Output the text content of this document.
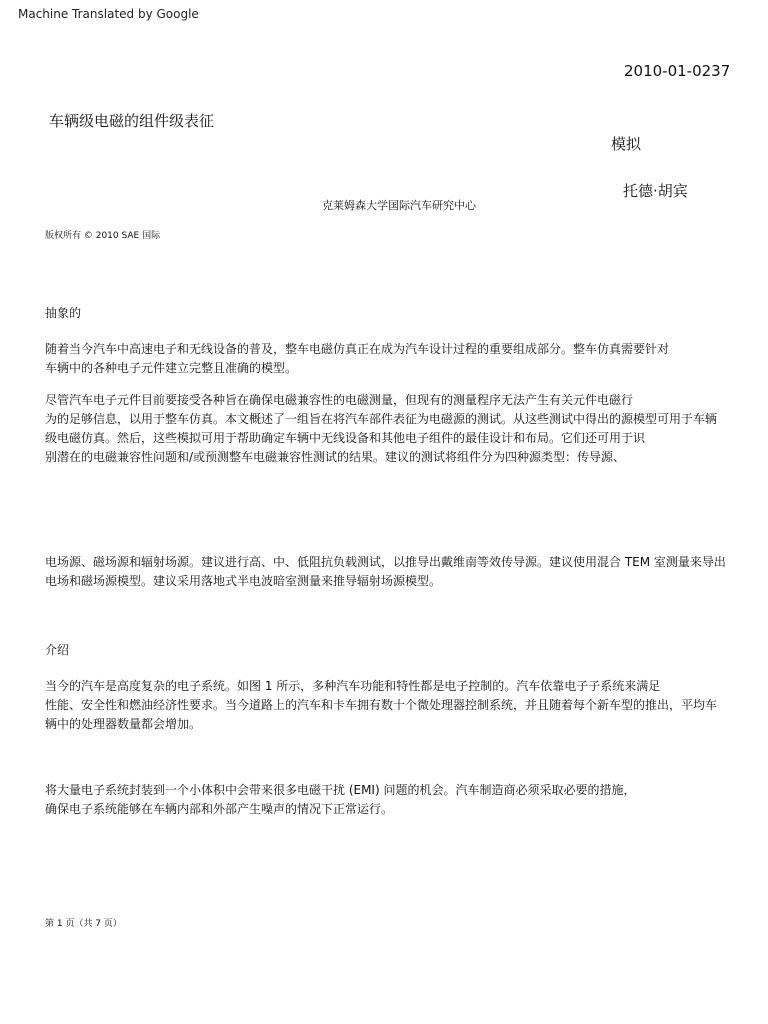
Machine Translated by Google
2010-01-0237
车辆级电磁的组件级表征
模拟
托德·胡宾
克莱姆森大学国际汽车研究中心
版权所有 © 2010 SAE 国际
抽象的
随着当今汽车中高速电子和无线设备的普及，整车电磁仿真正在成为汽车设计过程的重要组成部分。整车仿真需要针对
车辆中的各种电子元件建立完整且准确的模型。
尽管汽车电子元件目前要接受各种旨在确保电磁兼容性的电磁测量，但现有的测量程序无法产生有关元件电磁行
为的足够信息，以用于整车仿真。本文概述了一组旨在将汽车部件表征为电磁源的测试。从这些测试中得出的源模型可用于车辆
级电磁仿真。然后，这些模拟可用于帮助确定车辆中无线设备和其他电子组件的最佳设计和布局。它们还可用于识
别潜在的电磁兼容性问题和/或预测整车电磁兼容性测试的结果。建议的测试将组件分为四种源类型：传导源、
电场源、磁场源和辐射场源。建议进行高、中、低阻抗负载测试，以推导出戴维南等效传导源。建议使用混合 TEM 室测量来导出
电场和磁场源模型。建议采用落地式半电波暗室测量来推导辐射场源模型。
介绍
当今的汽车是高度复杂的电子系统。如图 1 所示，多种汽车功能和特性都是电子控制的。汽车依靠电子子系统来满足
性能、安全性和燃油经济性要求。当今道路上的汽车和卡车拥有数十个微处理器控制系统，并且随着每个新车型的推出，平均车
辆中的处理器数量都会增加。
将大量电子系统封装到一个小体积中会带来很多电磁干扰 (EMI) 问题的机会。汽车制造商必须采取必要的措施，
确保电子系统能够在车辆内部和外部产生噪声的情况下正常运行。
第 1 页（共 7 页）
